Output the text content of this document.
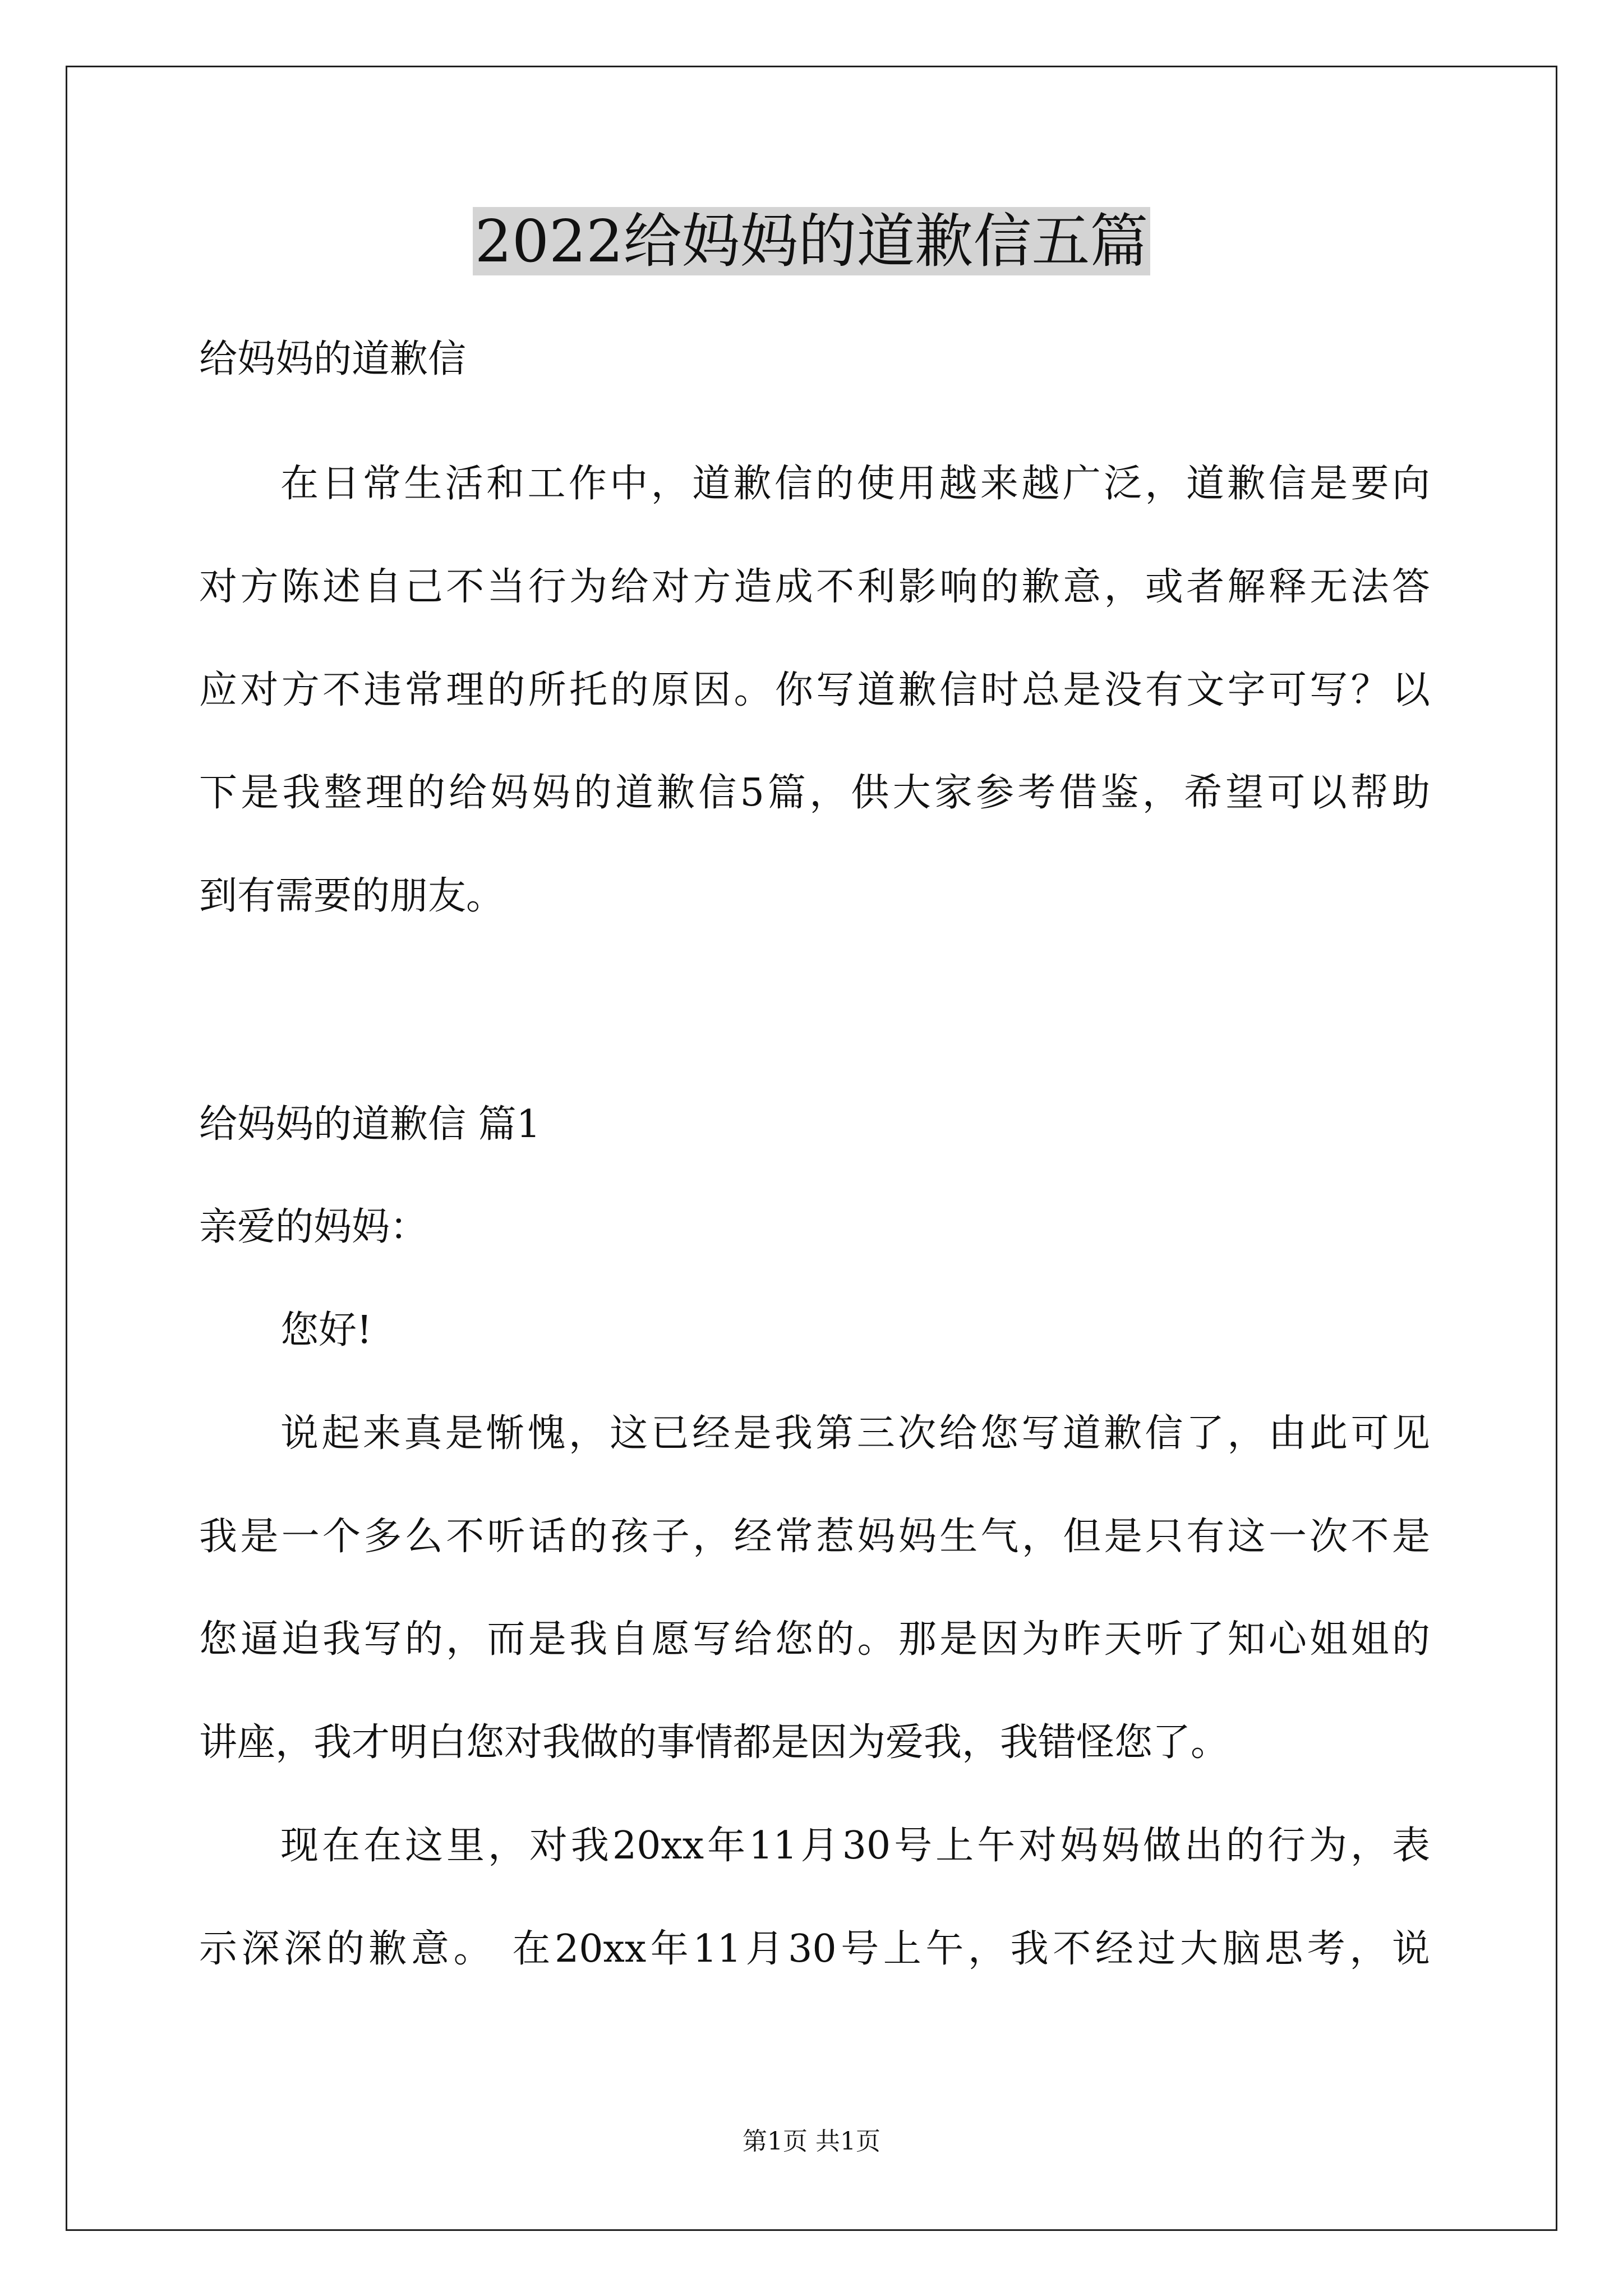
2022给妈妈的道歉信五篇
给妈妈的道歉信
在日常生活和工作中，道歉信的使用越来越广泛，道歉信是要向
对方陈述自己不当行为给对方造成不利影响的歉意，或者解释无法答
应对方不违常理的所托的原因。你写道歉信时总是没有文字可写？以
下是我整理的给妈妈的道歉信5篇，供大家参考借鉴，希望可以帮助
到有需要的朋友。
给妈妈的道歉信 篇1
亲爱的妈妈：
您好!
说起来真是惭愧，这已经是我第三次给您写道歉信了，由此可见
我是一个多么不听话的孩子，经常惹妈妈生气，但是只有这一次不是
您逼迫我写的，而是我自愿写给您的。那是因为昨天听了知心姐姐的
讲座，我才明白您对我做的事情都是因为爱我，我错怪您了。
现在在这里，对我20xx年11月30号上午对妈妈做出的行为，表
示深深的歉意。 在20xx年11月30号上午，我不经过大脑思考，说
第1页 共1页
